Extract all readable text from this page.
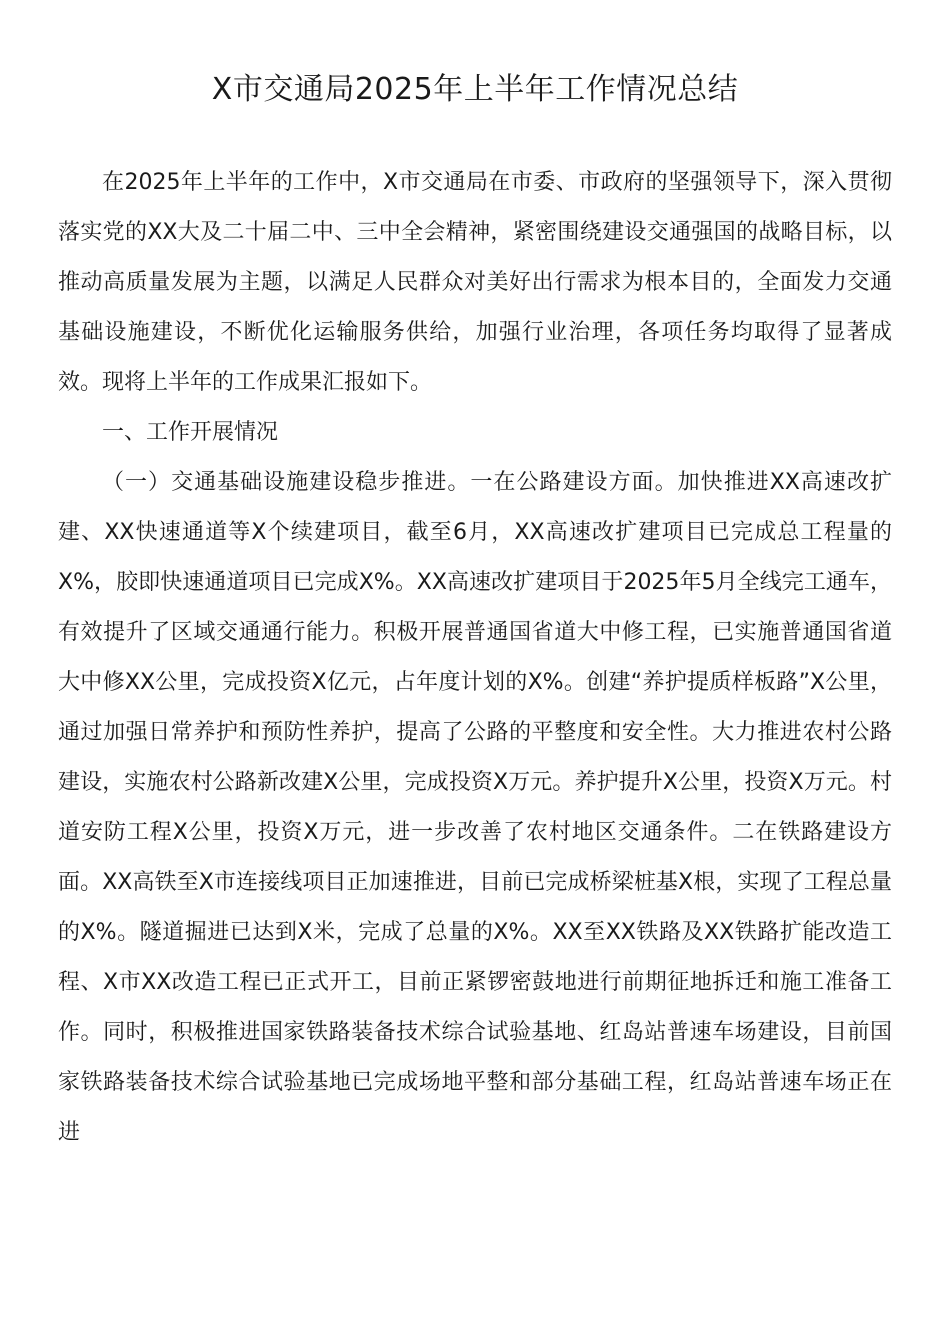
X市交通局2025年上半年工作情况总结

在2025年上半年的工作中，X市交通局在市委、市政府的坚强领导下，深入贯彻落实党的XX大及二十届二中、三中全会精神，紧密围绕建设交通强国的战略目标，以推动高质量发展为主题，以满足人民群众对美好出行需求为根本目的，全面发力交通基础设施建设，不断优化运输服务供给，加强行业治理，各项任务均取得了显著成效。现将上半年的工作成果汇报如下。

一、工作开展情况

（一）交通基础设施建设稳步推进。一在公路建设方面。加快推进XX高速改扩建、XX快速通道等X个续建项目，截至6月，XX高速改扩建项目已完成总工程量的X%，胶即快速通道项目已完成X%。XX高速改扩建项目于2025年5月全线完工通车，有效提升了区域交通通行能力。积极开展普通国省道大中修工程，已实施普通国省道大中修XX公里，完成投资X亿元，占年度计划的X%。创建“养护提质样板路”X公里，通过加强日常养护和预防性养护，提高了公路的平整度和安全性。大力推进农村公路建设，实施农村公路新改建X公里，完成投资X万元。养护提升X公里，投资X万元。村道安防工程X公里，投资X万元，进一步改善了农村地区交通条件。二在铁路建设方面。XX高铁至X市连接线项目正加速推进，目前已完成桥梁桩基X根，实现了工程总量的X%。隧道掘进已达到X米，完成了总量的X%。XX至XX铁路及XX铁路扩能改造工程、X市XX改造工程已正式开工，目前正紧锣密鼓地进行前期征地拆迁和施工准备工作。同时，积极推进国家铁路装备技术综合试验基地、红岛站普速车场建设，目前国家铁路装备技术综合试验基地已完成场地平整和部分基础工程，红岛站普速车场正在进
